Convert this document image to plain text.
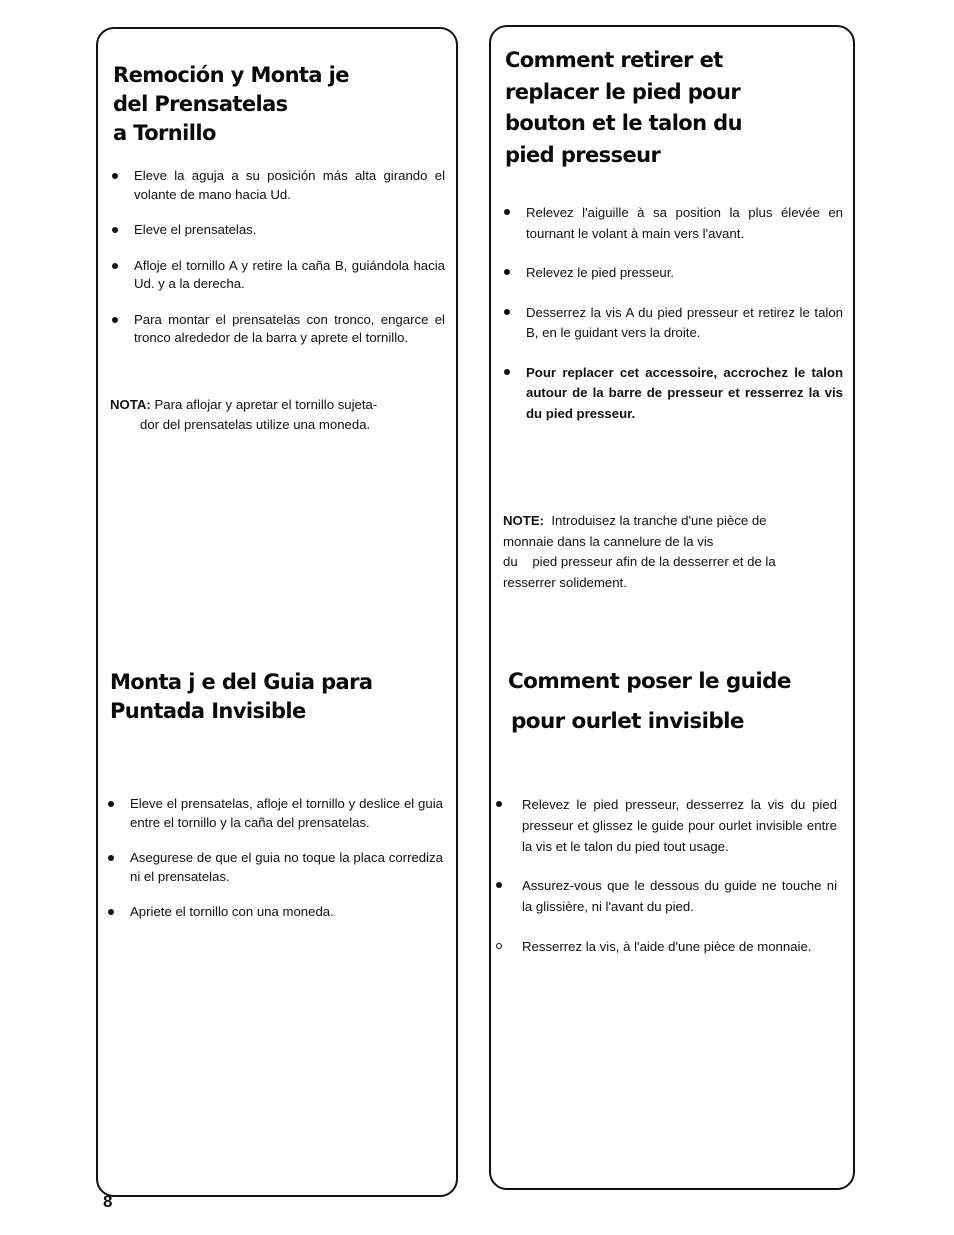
Remoción y Monta je
del Prensatelas
a Tornillo
Eleve la aguja a su posición más alta girando el volante de mano hacia Ud.
Eleve el prensatelas.
Afloje el tornillo A y retire la caña B, guiándola hacia Ud. y a la derecha.
Para montar el prensatelas con tronco, engarce el tronco alrededor de la barra y aprete el tornillo.
NOTA: Para aflojar y apretar el tornillo sujeta-
dor del prensatelas utilize una moneda.
Monta j e del Guia para
Puntada Invisible
Eleve el prensatelas, afloje el tornillo y deslice el guia entre el tornillo y la caña del prensatelas.
Asegurese de que el guia no toque la placa corrediza ni el prensatelas.
Apriete el tornillo con una moneda.
Comment retirer et
replacer le pied pour
bouton et le talon du
pied presseur
Relevez l'aiguille à sa position la plus élevée en tournant le volant à main vers l'avant.
Relevez le pied presseur.
Desserrez la vis A du pied presseur et retirez le talon B, en le guidant vers la droite.
Pour replacer cet accessoire, accrochez le talon autour de la barre de presseur et resserrez la vis du pied presseur.
NOTE: Introduisez la tranche d'une pièce de
monnaie dans la cannelure de la vis
du    pied presseur afin de la desserrer et de la
resserrer solidement.
Comment poser le guide
pour ourlet invisible
Relevez le pied presseur, desserrez la vis du pied presseur et glissez le guide pour ourlet invisible entre la vis et le talon du pied tout usage.
Assurez-vous que le dessous du guide ne touche ni la glissière, ni l'avant du pied.
Resserrez la vis, à l'aide d'une pièce de monnaie.
8
